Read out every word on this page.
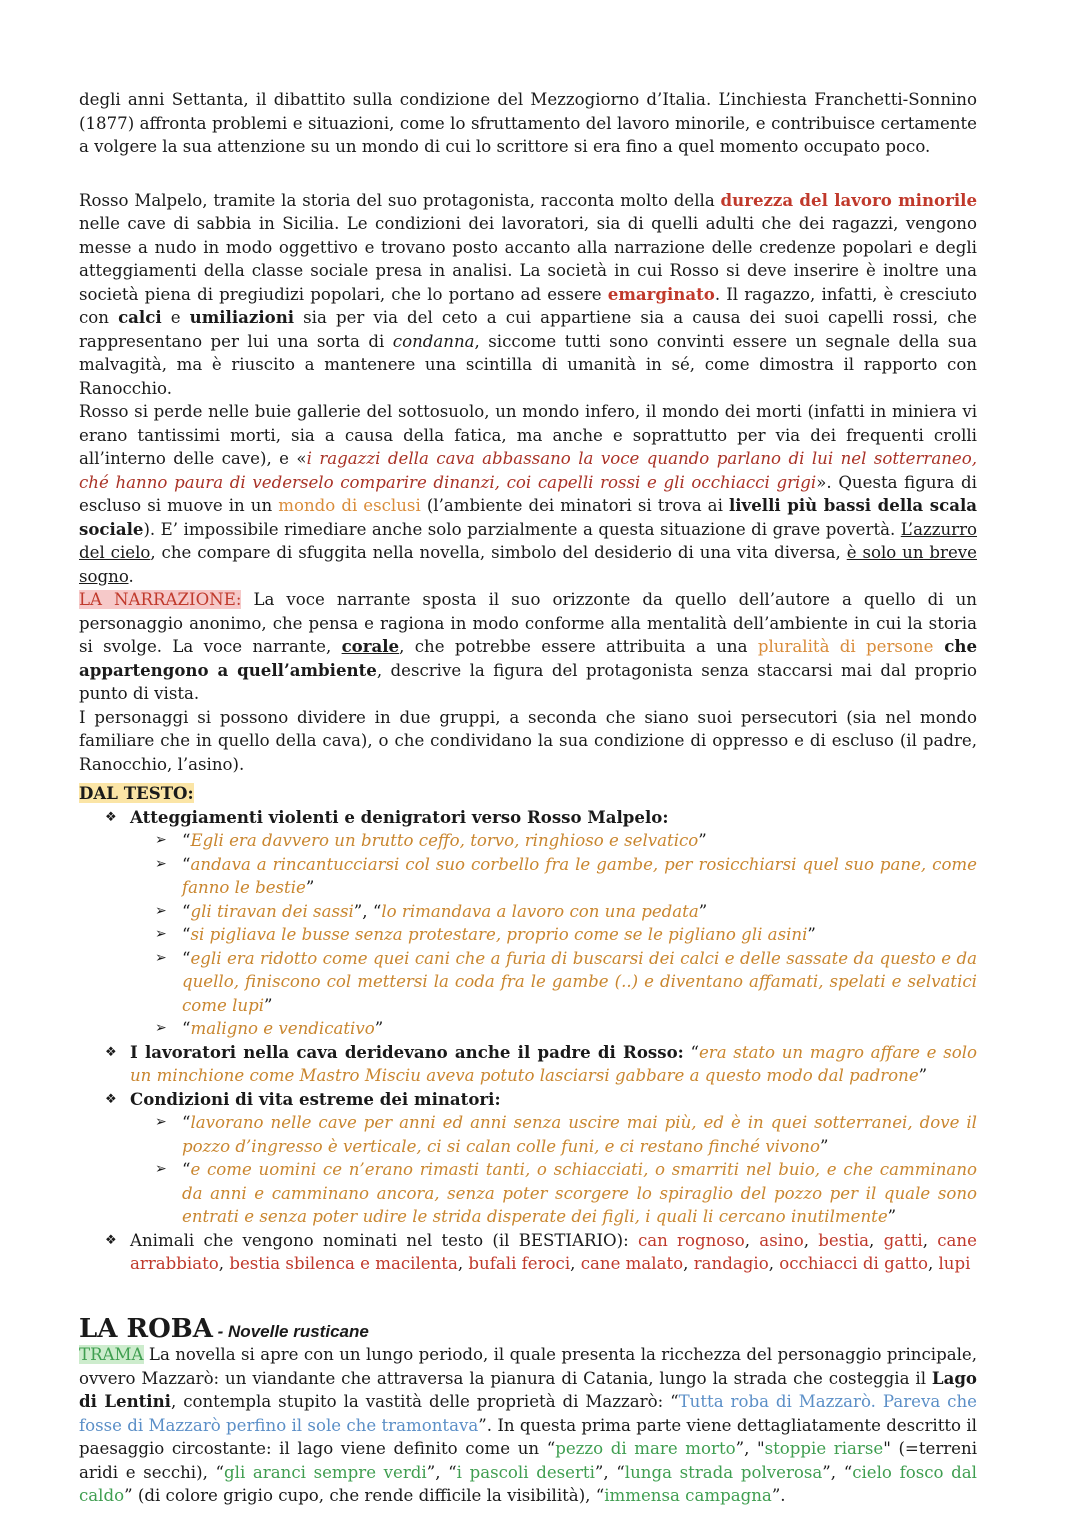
degli anni Settanta, il dibattito sulla condizione del Mezzogiorno d’Italia. L’inchiesta Franchetti-Sonnino (1877) affronta problemi e situazioni, come lo sfruttamento del lavoro minorile, e contribuisce certamente a volgere la sua attenzione su un mondo di cui lo scrittore si era fino a quel momento occupato poco.

Rosso Malpelo, tramite la storia del suo protagonista, racconta molto della durezza del lavoro minorile nelle cave di sabbia in Sicilia. Le condizioni dei lavoratori, sia di quelli adulti che dei ragazzi, vengono messe a nudo in modo oggettivo e trovano posto accanto alla narrazione delle credenze popolari e degli atteggiamenti della classe sociale presa in analisi. La società in cui Rosso si deve inserire è inoltre una società piena di pregiudizi popolari, che lo portano ad essere emarginato. Il ragazzo, infatti, è cresciuto con calci e umiliazioni sia per via del ceto a cui appartiene sia a causa dei suoi capelli rossi, che rappresentano per lui una sorta di condanna, siccome tutti sono convinti essere un segnale della sua malvagità, ma è riuscito a mantenere una scintilla di umanità in sé, come dimostra il rapporto con Ranocchio.

Rosso si perde nelle buie gallerie del sottosuolo, un mondo infero, il mondo dei morti (infatti in miniera vi erano tantissimi morti, sia a causa della fatica, ma anche e soprattutto per via dei frequenti crolli all’interno delle cave), e «i ragazzi della cava abbassano la voce quando parlano di lui nel sotterraneo, ché hanno paura di vederselo comparire dinanzi, coi capelli rossi e gli occhiacci grigi». Questa figura di escluso si muove in un mondo di esclusi (l’ambiente dei minatori si trova ai livelli più bassi della scala sociale). E’ impossibile rimediare anche solo parzialmente a questa situazione di grave povertà. L’azzurro del cielo, che compare di sfuggita nella novella, simbolo del desiderio di una vita diversa, è solo un breve sogno.

LA NARRAZIONE: La voce narrante sposta il suo orizzonte da quello dell’autore a quello di un personaggio anonimo, che pensa e ragiona in modo conforme alla mentalità dell’ambiente in cui la storia si svolge. La voce narrante, corale, che potrebbe essere attribuita a una pluralità di persone che appartengono a quell’ambiente, descrive la figura del protagonista senza staccarsi mai dal proprio punto di vista.

I personaggi si possono dividere in due gruppi, a seconda che siano suoi persecutori (sia nel mondo familiare che in quello della cava), o che condividano la sua condizione di oppresso e di escluso (il padre, Ranocchio, l’asino).

DAL TESTO:
❖ Atteggiamenti violenti e denigratori verso Rosso Malpelo:
➢ “Egli era davvero un brutto ceffo, torvo, ringhioso e selvatico”
➢ “andava a rincantucciarsi col suo corbello fra le gambe, per rosicchiarsi quel suo pane, come fanno le bestie”

➢ “gli tiravan dei sassi”, “lo rimandava a lavoro con una pedata”
➢ “si pigliava le busse senza protestare, proprio come se le pigliano gli asini”
➢ “egli era ridotto come quei cani che a furia di buscarsi dei calci e delle sassate da questo e da quello, finiscono col mettersi la coda fra le gambe (..) e diventano affamati, spelati e selvatici come lupi”

➢ “maligno e vendicativo”
❖ I lavoratori nella cava deridevano anche il padre di Rosso: “era stato un magro affare e solo un minchione come Mastro Misciu aveva potuto lasciarsi gabbare a questo modo dal padrone”

❖ Condizioni di vita estreme dei minatori:
➢ “lavorano nelle cave per anni ed anni senza uscire mai più, ed è in quei sotterranei, dove il pozzo d’ingresso è verticale, ci si calan colle funi, e ci restano finché vivono”

➢ “e come uomini ce n’erano rimasti tanti, o schiacciati, o smarriti nel buio, e che camminano da anni e camminano ancora, senza poter scorgere lo spiraglio del pozzo per il quale sono entrati e senza poter udire le strida disperate dei figli, i quali li cercano inutilmente”

❖ Animali che vengono nominati nel testo (il BESTIARIO): can rognoso, asino, bestia, gatti, cane arrabbiato, bestia sbilenca e macilenta, bufali feroci, cane malato, randagio, occhiacci di gatto, lupi

LA ROBA - Novelle rusticane

TRAMA La novella si apre con un lungo periodo, il quale presenta la ricchezza del personaggio principale, ovvero Mazzarò: un viandante che attraversa la pianura di Catania, lungo la strada che costeggia il Lago di Lentini, contempla stupito la vastità delle proprietà di Mazzarò: “Tutta roba di Mazzarò. Pareva che fosse di Mazzarò perfino il sole che tramontava”. In questa prima parte viene dettagliatamente descritto il paesaggio circostante: il lago viene definito come un “pezzo di mare morto”, "stoppie riarse" (=terreni aridi e secchi), “gli aranci sempre verdi”, “i pascoli deserti”, “lunga strada polverosa”, “cielo fosco dal caldo” (di colore grigio cupo, che rende difficile la visibilità), “immensa campagna”.
